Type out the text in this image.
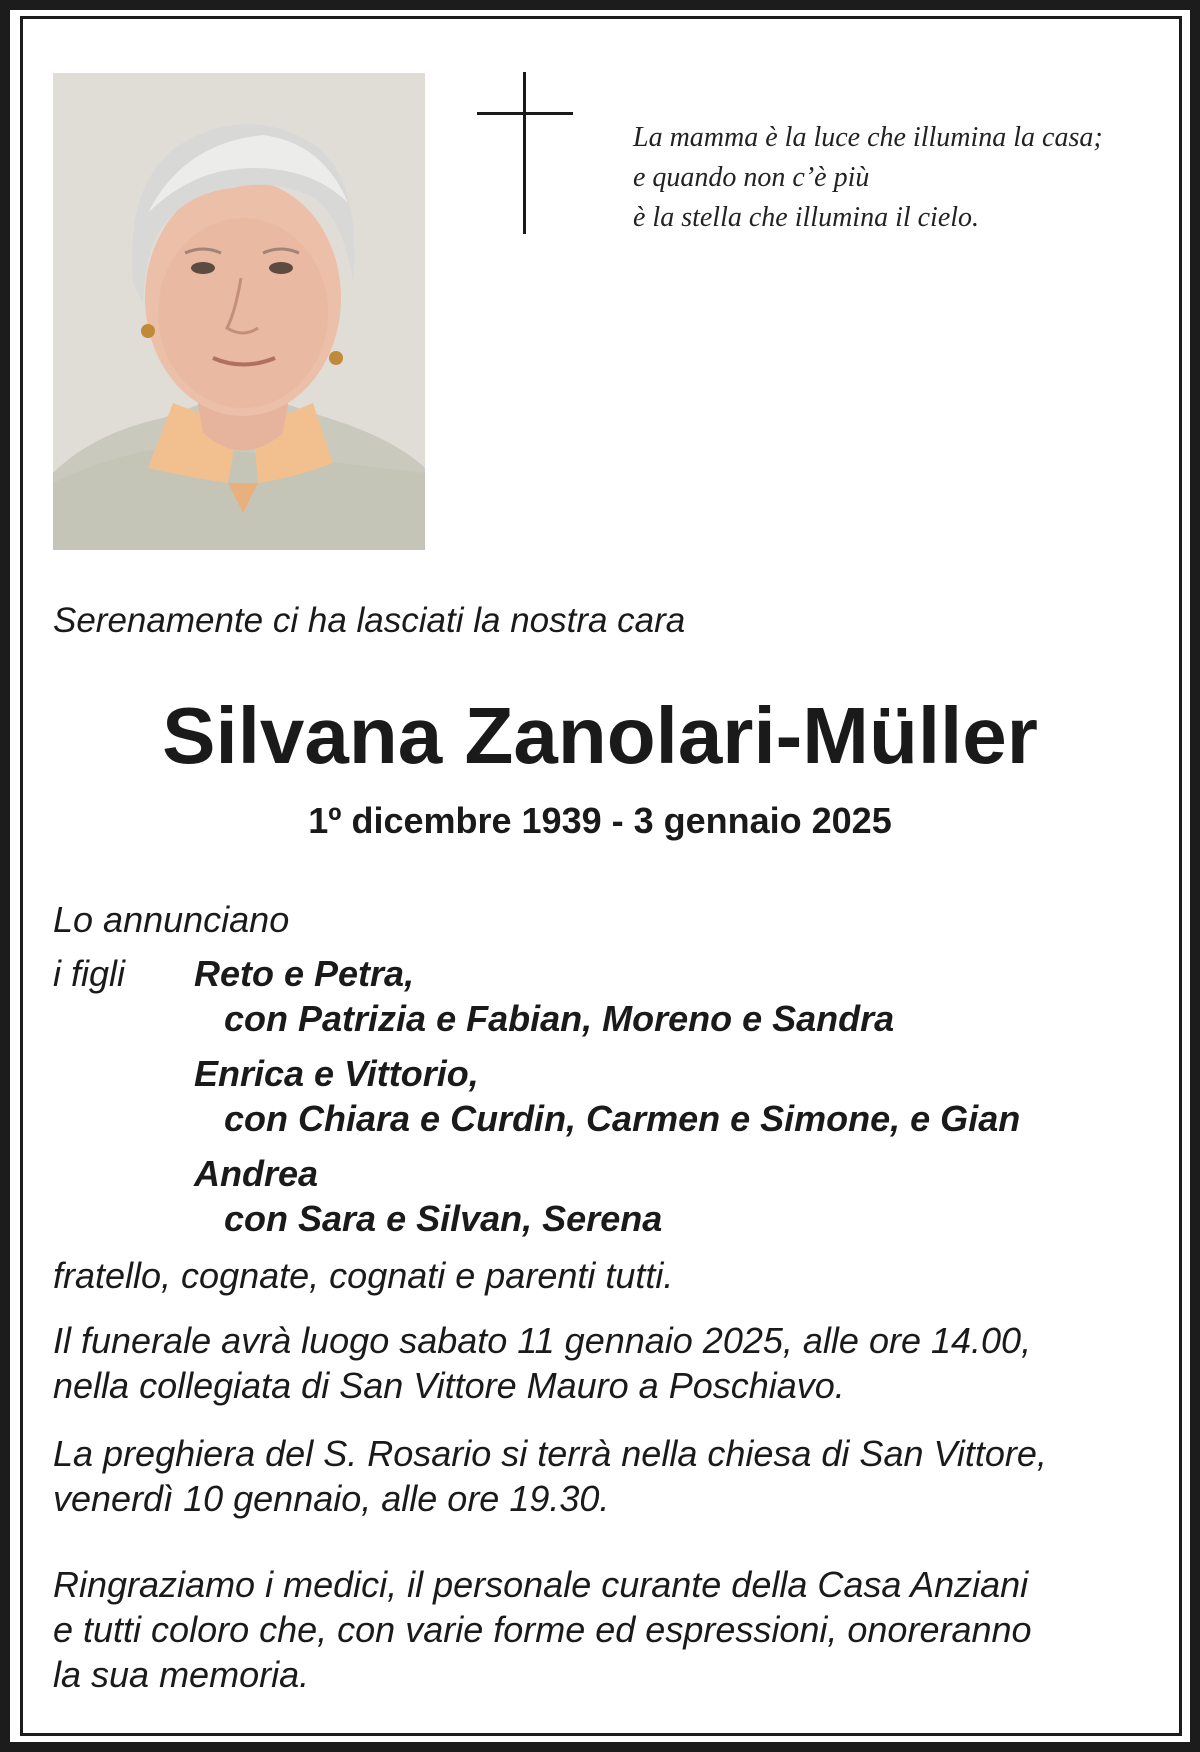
La mamma è la luce che illumina la casa;
e quando non c’è più
è la stella che illumina il cielo.
Serenamente ci ha lasciati la nostra cara
Silvana Zanolari-Müller
1º dicembre 1939 - 3 gennaio 2025
Lo annunciano
i figli Reto e Petra,
con Patrizia e Fabian, Moreno e Sandra
Enrica e Vittorio,
con Chiara e Curdin, Carmen e Simone, e Gian
Andrea
con Sara e Silvan, Serena
fratello, cognate, cognati e parenti tutti.
Il funerale avrà luogo sabato 11 gennaio 2025, alle ore 14.00,
nella collegiata di San Vittore Mauro a Poschiavo.
La preghiera del S. Rosario si terrà nella chiesa di San Vittore,
venerdì 10 gennaio, alle ore 19.30.
Ringraziamo i medici, il personale curante della Casa Anziani
e tutti coloro che, con varie forme ed espressioni, onoreranno
la sua memoria.
